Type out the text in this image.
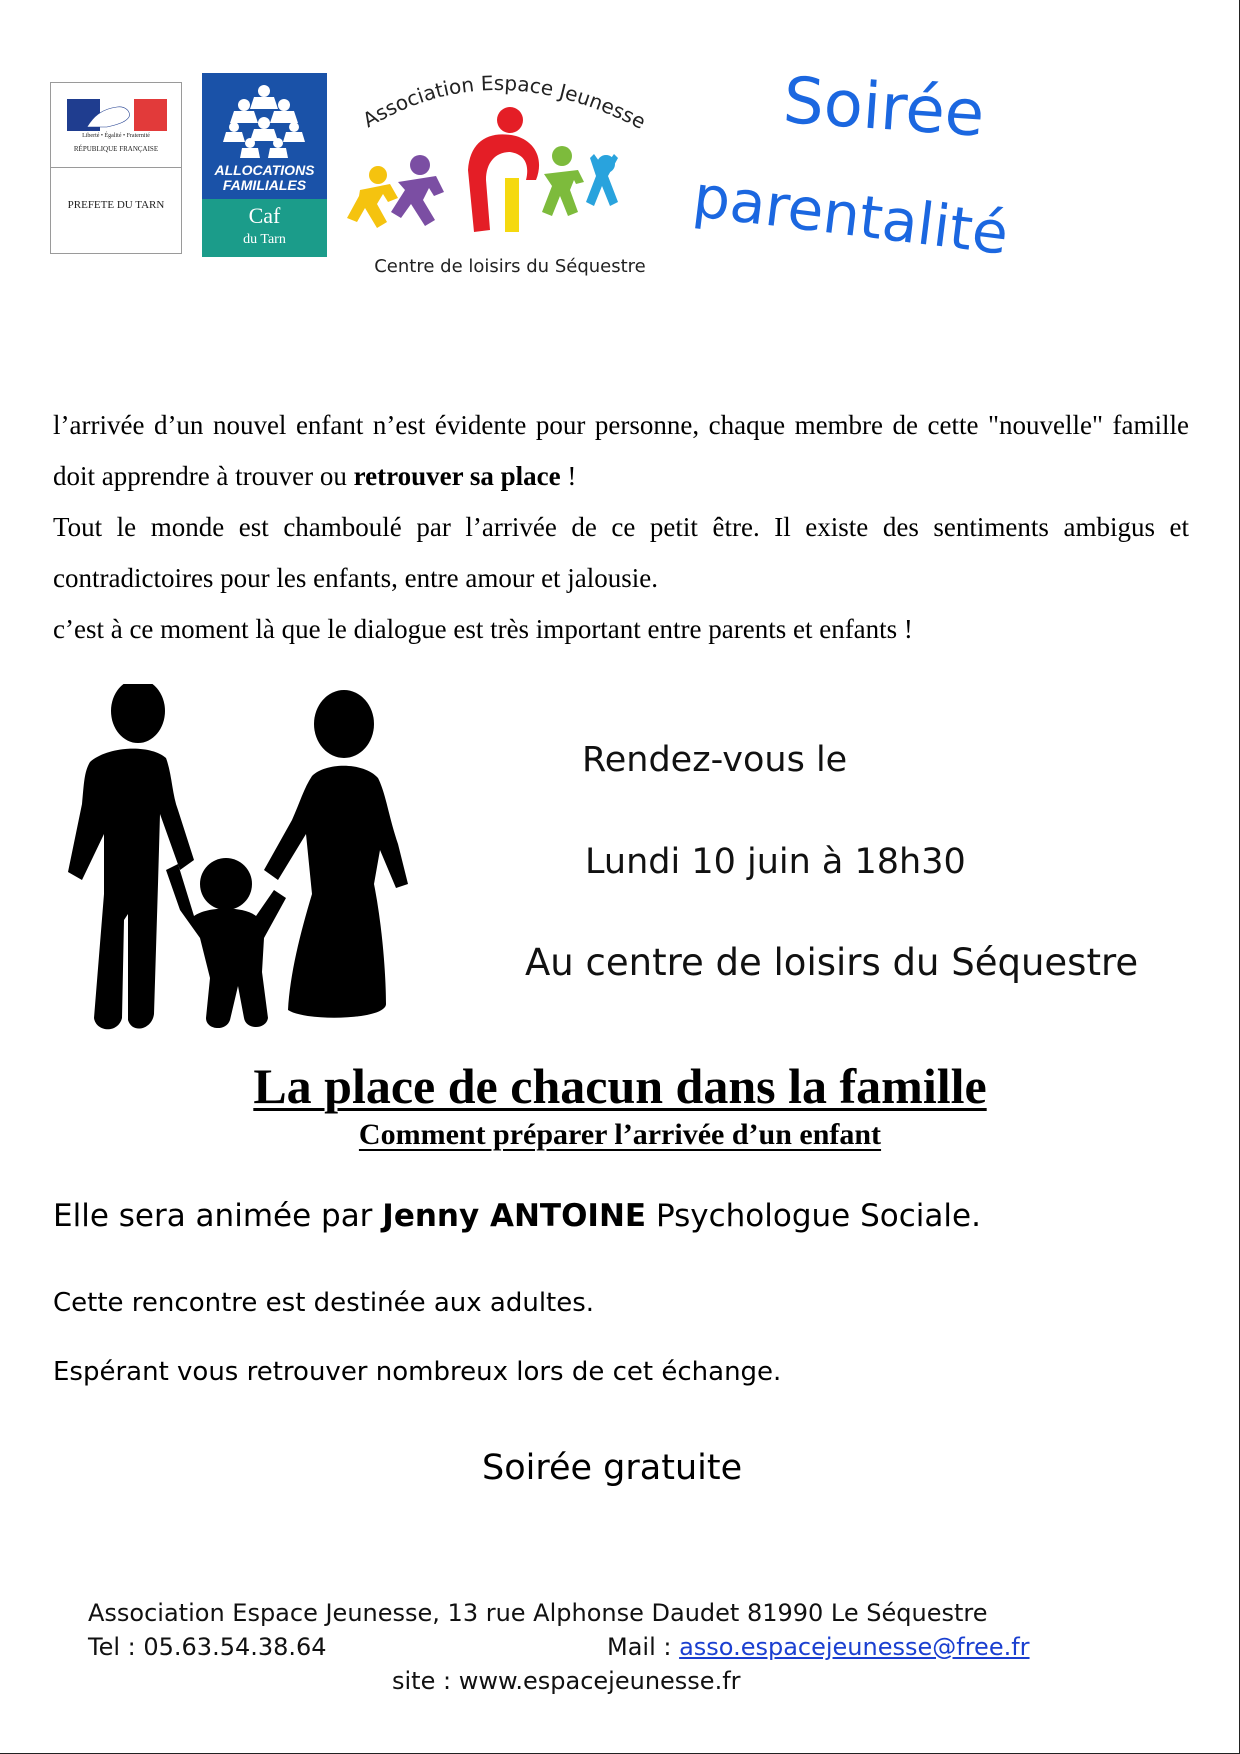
Liberté • Égalité • Fraternité
RÉPUBLIQUE FRANÇAISE
PREFETE DU TARN
ALLOCATIONS
FAMILIALES
Caf
du Tarn
Association Espace Jeunesse
Centre de loisirs du Séquestre
Soirée
parentalité

l’arrivée d’un nouvel enfant n’est évidente pour personne, chaque membre de cette "nouvelle" famille doit apprendre à trouver ou retrouver sa place !

Tout le monde est chamboulé par l’arrivée de ce petit être. Il existe des sentiments ambigus et contradictoires pour les enfants, entre amour et jalousie.

c’est à ce moment là que le dialogue est très important entre parents et enfants !

Rendez-vous le
Lundi 10 juin à 18h30
Au centre de loisirs du Séquestre
La place de chacun dans la famille
Comment préparer l’arrivée d’un enfant
Elle sera animée par Jenny ANTOINE Psychologue Sociale.
Cette rencontre est destinée aux adultes.
Espérant vous retrouver nombreux lors de cet échange.
Soirée gratuite
Association Espace Jeunesse, 13 rue Alphonse Daudet 81990 Le Séquestre
Tel : 05.63.54.38.64	Mail : asso.espacejeunesse@free.fr
site : www.espacejeunesse.fr
